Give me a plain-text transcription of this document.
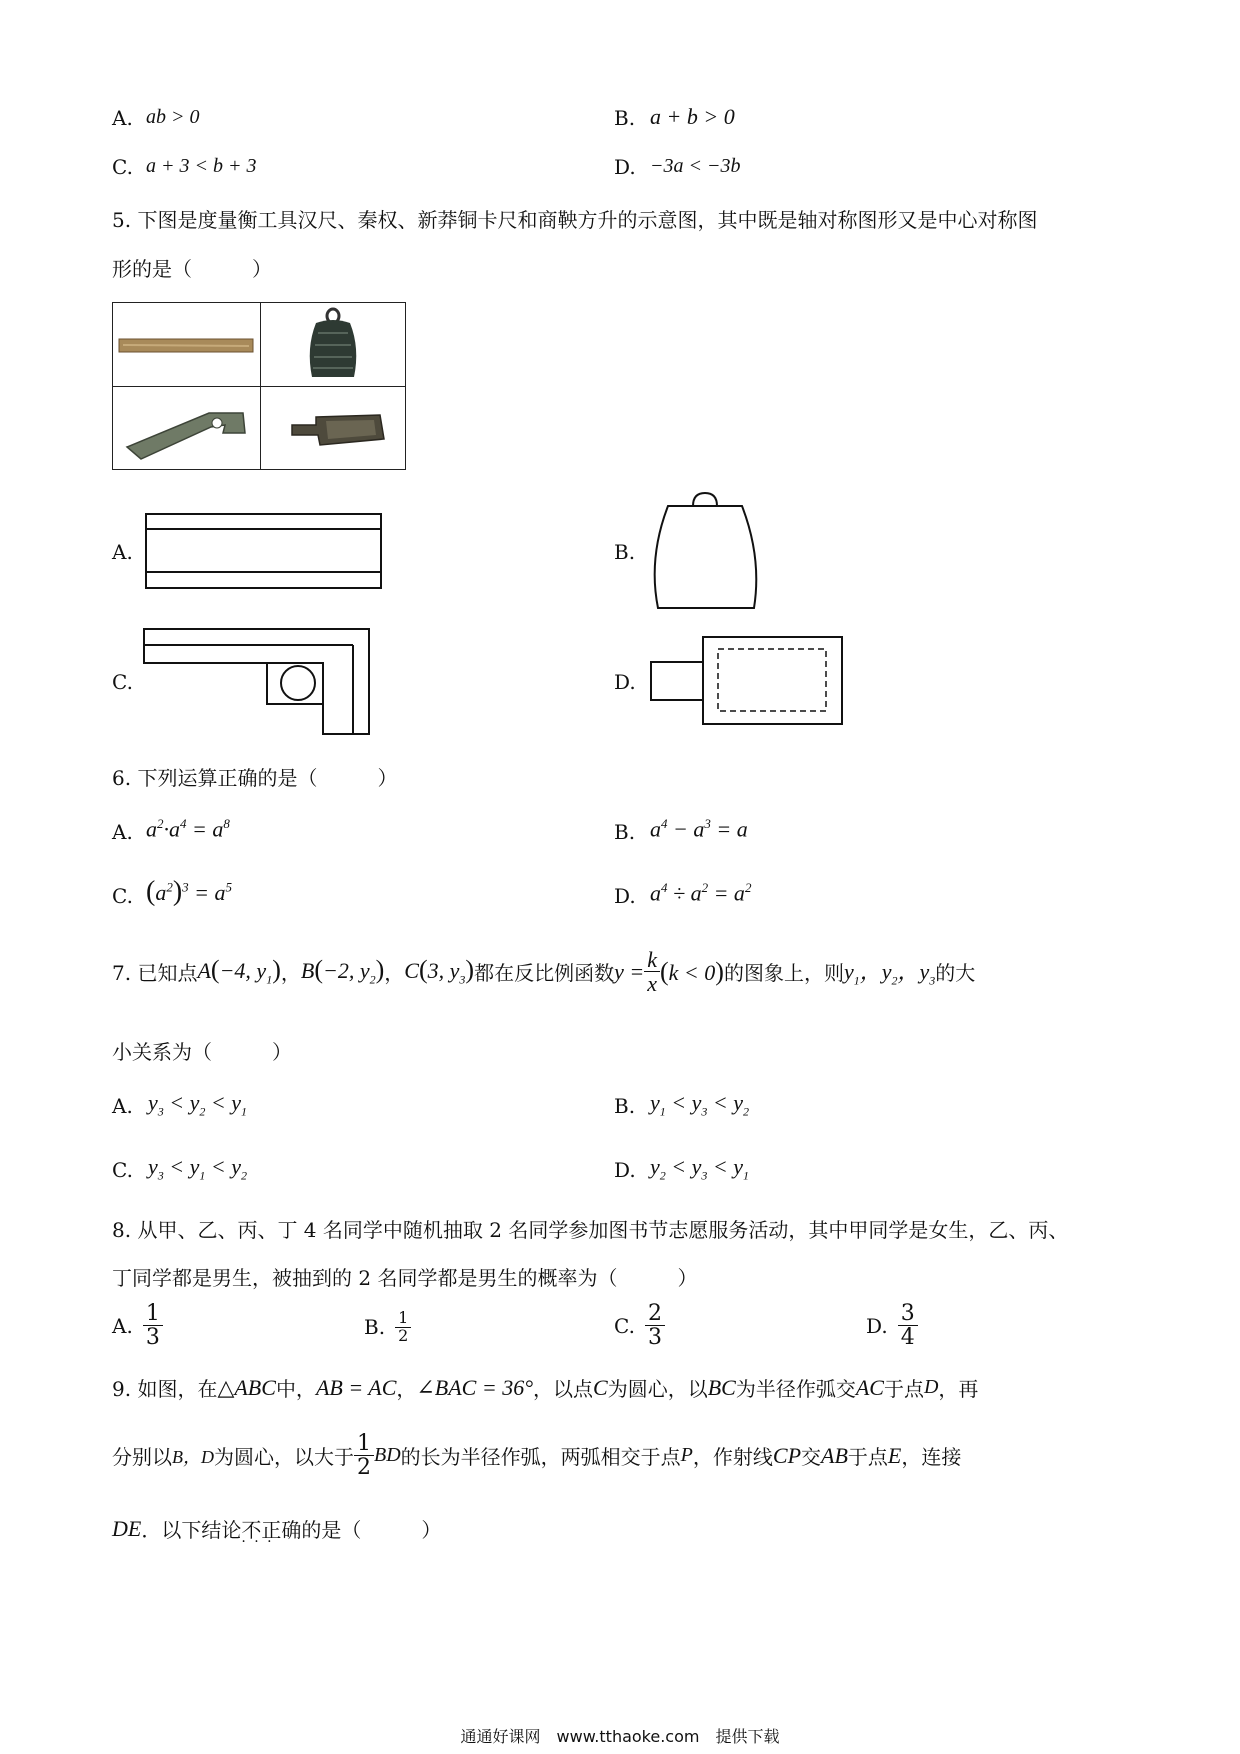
A. ab > 0	B. a + b > 0
C. a + 3 < b + 3	D. −3a < −3b
5. 下图是度量衡工具汉尺、秦权、新莽铜卡尺和商鞅方升的示意图，其中既是轴对称图形又是中心对称图
形的是（　　　）
A.	B.
C.	D.
6. 下列运算正确的是（　　　）
A. $a^2\cdot a^4 = a^8$	B. $a^4 - a^3 = a$
C. $(a^2)^3 = a^5$	D. $a^4 \div a^2 = a^2$
7. 已知点 A(−4, $y_1$) ， B(−2, $y_2$) ， C(3, $y_3$) 都在反比例函数 $y = \frac{k}{x} (k < 0)$ 的图象上，则 $y_1$，$y_2$，$y_3$ 的大
小关系为（　　　）
A. $y_3 < y_2 < y_1$	B. $y_1 < y_3 < y_2$
C. $y_3 < y_1 < y_2$	D. $y_2 < y_3 < y_1$
8. 从甲、乙、丙、丁 4 名同学中随机抽取 2 名同学参加图书节志愿服务活动，其中甲同学是女生，乙、丙、
丁同学都是男生，被抽到的 2 名同学都是男生的概率为（　　　）
A. $\frac{1}{3}$	B. $\frac{1}{2}$	C. $\frac{2}{3}$	D. $\frac{3}{4}$
9. 如图，在 △ABC 中， AB = AC ， ∠BAC = 36° ，以点 C 为圆心，以 BC 为半径作弧交 AC 于点 D ，再
分别以 B，D 为圆心，以大于 $\frac{1}{2}$ BD 的长为半径作弧，两弧相交于点 P ，作射线 CP 交 AB 于点 E ，连接
DE ． 以下结论 不正确 · · · 的是（　　　）
通通好课网　www.tthaoke.com　提供下载
